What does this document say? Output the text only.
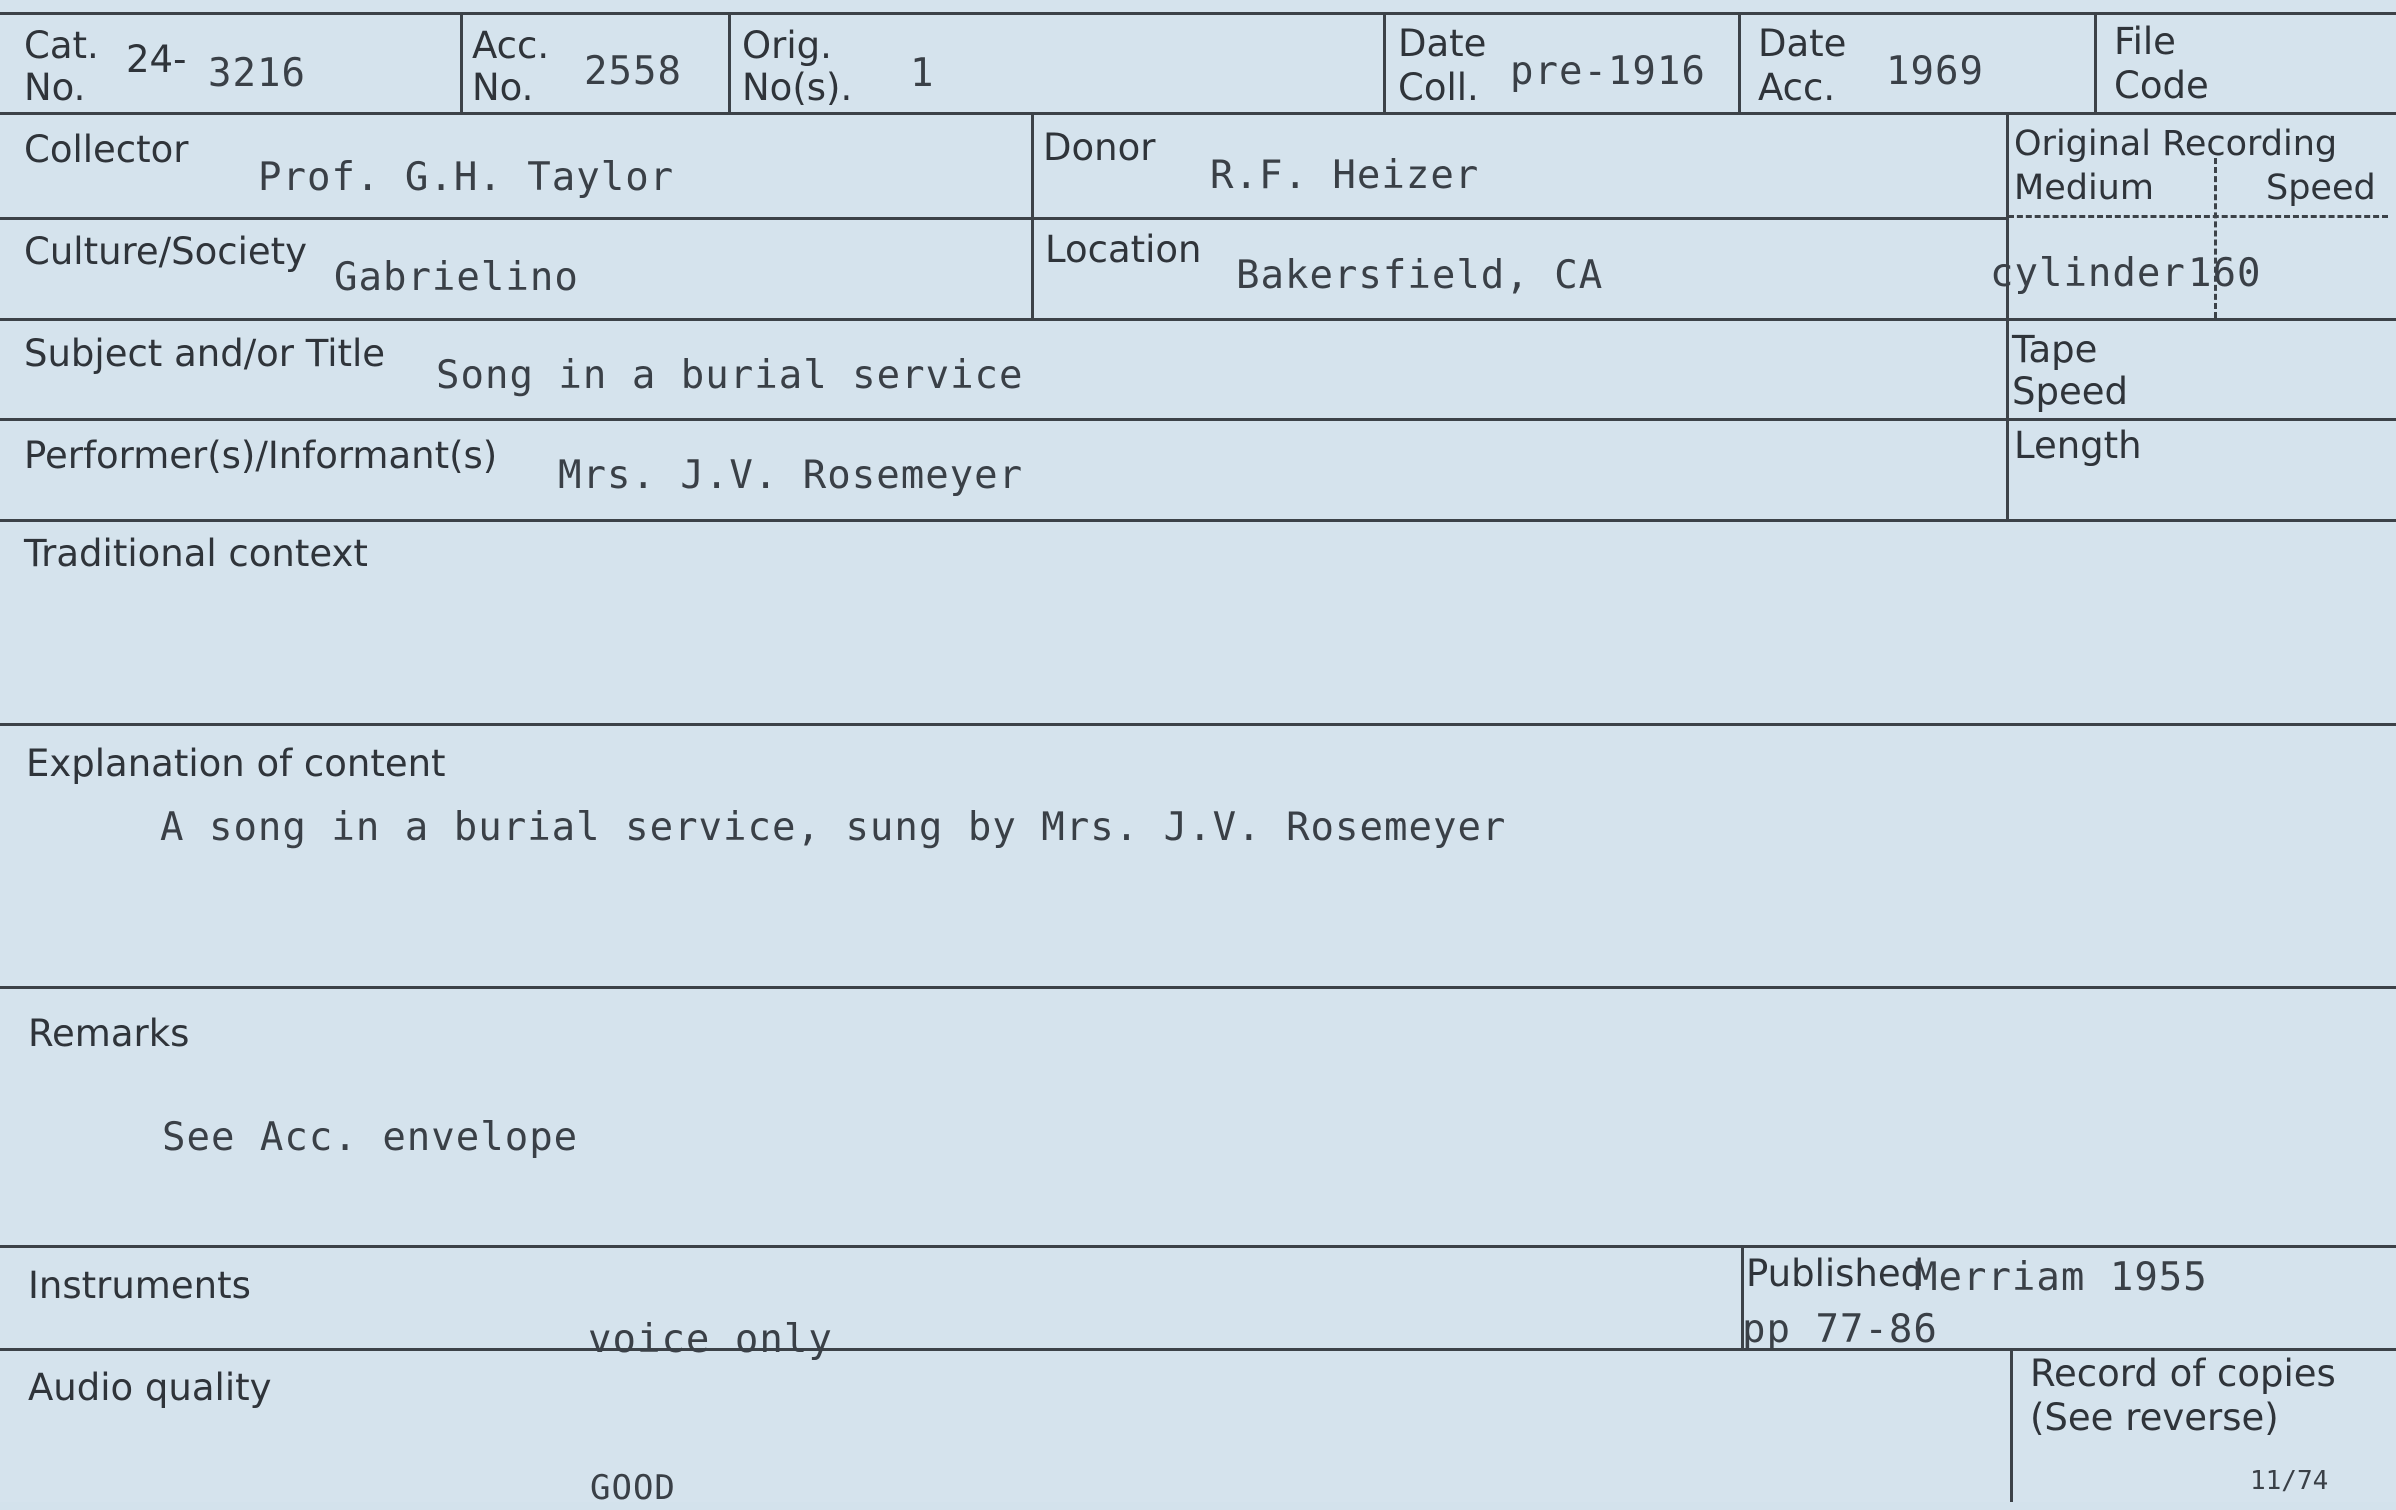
Cat.
No.
24- 3216
Acc.
No. 2558
Orig.
No(s). 1
Date
Coll. pre-1916
Date
Acc. 1969
File
Code
Collector
Prof. G.H. Taylor
Donor
R.F. Heizer
Original Recording
Medium	Speed
Culture/Society
Gabrielino
Location
Bakersfield, CA	cylinder 160
Subject and/or Title Song in a burial service
Tape
Speed
Performer(s)/Informant(s) Mrs. J.V. Rosemeyer
Length
Traditional context
Explanation of content
A song in a burial service, sung by Mrs. J.V. Rosemeyer
Remarks
See Acc. envelope
Instruments
voice only
Published
Merriam 1955
pp 77-86
Audio quality
GOOD
Record of copies
(See reverse)
11/74
